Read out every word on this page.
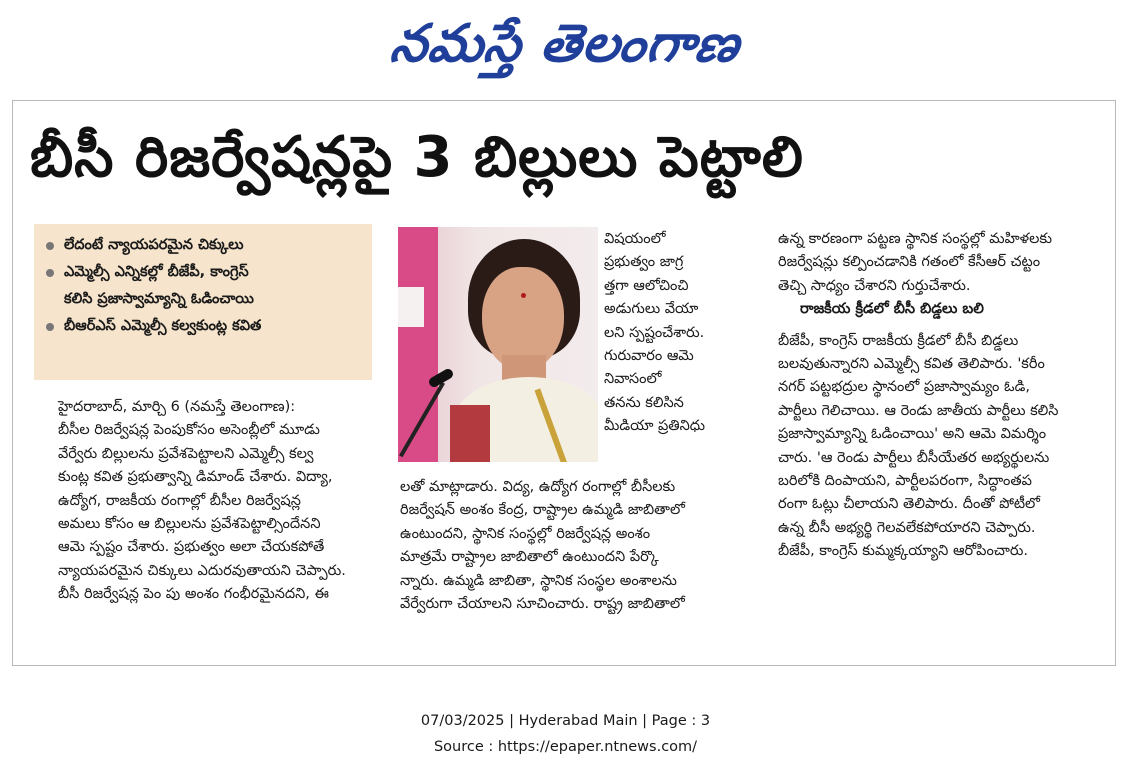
నమస్తే తెలంగాణ
బీసీ రిజర్వేషన్లపై 3 బిల్లులు పెట్టాలి
లేదంటే న్యాయపరమైన చిక్కులు
ఎమ్మెల్సీ ఎన్నికల్లో బీజేపీ, కాంగ్రెస్
కలిసి ప్రజాస్వామ్యాన్ని ఓడించాయి
బీఆర్ఎస్ ఎమ్మెల్సీ కల్వకుంట్ల కవిత

హైదరాబాద్, మార్చి 6 (నమస్తే తెలంగాణ):

బీసీల రిజర్వేషన్ల పెంపుకోసం అసెంబ్లీలో మూడు

వేర్వేరు బిల్లులను ప్రవేశపెట్టాలని ఎమ్మెల్సీ కల్వ

కుంట్ల కవిత ప్రభుత్వాన్ని డిమాండ్ చేశారు. విద్యా,

ఉద్యోగ, రాజకీయ రంగాల్లో బీసీల రిజర్వేషన్ల

అమలు కోసం ఆ బిల్లులను ప్రవేశపెట్టాల్సిందేనని

ఆమె స్పష్టం చేశారు. ప్రభుత్వం అలా చేయకపోతే

న్యాయపరమైన చిక్కులు ఎదురవుతాయని చెప్పారు.

బీసీ రిజర్వేషన్ల పెం పు అంశం గంభీరమైనదని, ఈ

విషయంలో

ప్రభుత్వం జాగ్ర

త్తగా ఆలోచించి

అడుగులు వేయా

లని స్పష్టంచేశారు.

గురువారం ఆమె

నివాసంలో

తనను కలిసిన

మీడియా ప్రతినిధు

లతో మాట్లాడారు. విద్య, ఉద్యోగ రంగాల్లో బీసీలకు

రిజర్వేషన్ అంశం కేంద్ర, రాష్ట్రాల ఉమ్మడి జాబితాలో

ఉంటుందని, స్థానిక సంస్థల్లో రిజర్వేషన్ల అంశం

మాత్రమే రాష్ట్రాల జాబితాలో ఉంటుందని పేర్కొ

న్నారు. ఉమ్మడి జాబితా, స్థానిక సంస్థల అంశాలను

వేర్వేరుగా చేయాలని సూచించారు. రాష్ట్ర జాబితాలో

ఉన్న కారణంగా పట్టణ స్థానిక సంస్థల్లో మహిళలకు

రిజర్వేషన్లు కల్పించడానికి గతంలో కేసీఆర్ చట్టం

తెచ్చి సాధ్యం చేశారని గుర్తుచేశారు.

రాజకీయ క్రీడలో బీసీ బిడ్డలు బలి

బీజేపీ, కాంగ్రెస్ రాజకీయ క్రీడలో బీసీ బిడ్డలు

బలవుతున్నారని ఎమ్మెల్సీ కవిత తెలిపారు. 'కరీం

నగర్ పట్టభద్రుల స్థానంలో ప్రజాస్వామ్యం ఓడి,

పార్టీలు గెలిచాయి. ఆ రెండు జాతీయ పార్టీలు కలిసి

ప్రజాస్వామ్యాన్ని ఓడించాయి' అని ఆమె విమర్శిం

చారు. 'ఆ రెండు పార్టీలు బీసీయేతర అభ్యర్థులను

బరిలోకి దింపాయని, పార్టీలపరంగా, సిద్ధాంతప

రంగా ఓట్లు చీలాయని తెలిపారు. దీంతో పోటీలో

ఉన్న బీసీ అభ్యర్థి గెలవలేకపోయారని చెప్పారు.

బీజేపీ, కాంగ్రెస్ కుమ్మక్కయ్యాని ఆరోపించారు.

07/03/2025 | Hyderabad Main | Page : 3
Source : https://epaper.ntnews.com/
